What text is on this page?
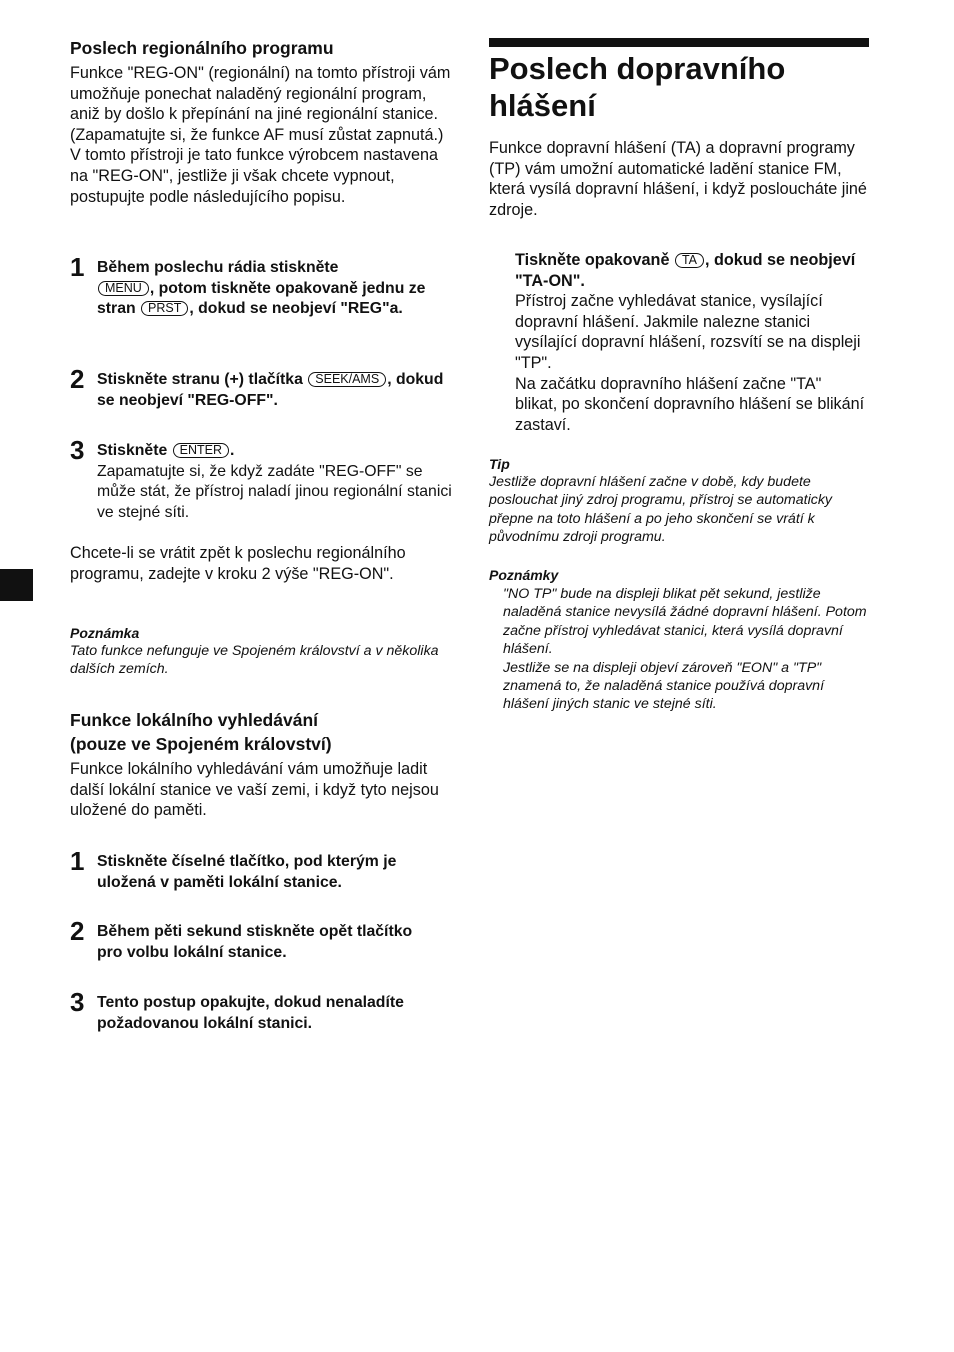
Poslech regionálního programu

Funkce "REG-ON" (regionální) na tomto přístroji vám umožňuje ponechat naladěný regionální program, aniž by došlo k přepínání na jiné regionální stanice. (Zapamatujte si, že funkce AF musí zůstat zapnutá.) V tomto přístroji je tato funkce výrobcem nastavena na "REG-ON", jestliže ji však chcete vypnout, postupujte podle následujícího popisu.

1 Během poslechu rádia stiskněte
MENU , potom tiskněte opakovaně jednu ze stran PRST , dokud se neobjeví "REG"a.
2 Stiskněte stranu (+) tlačítka SEEK/AMS , dokud se neobjeví "REG-OFF".
3 Stiskněte ENTER .
Zapamatujte si, že když zadáte "REG-OFF" se může stát, že přístroj naladí jinou regionální stanici ve stejné síti.

Chcete-li se vrátit zpět k poslechu regionálního programu, zadejte v kroku 2 výše "REG-ON".

Poznámka

Tato funkce nefunguje ve Spojeném království a v několika dalších zemích.

Funkce lokálního vyhledávání
(pouze ve Spojeném království)

Funkce lokálního vyhledávání vám umožňuje ladit další lokální stanice ve vaší zemi, i když tyto nejsou uložené do paměti.

1 Stiskněte číselné tlačítko, pod kterým je uložená v paměti lokální stanice.
2 Během pěti sekund stiskněte opět tlačítko pro volbu lokální stanice.
3 Tento postup opakujte, dokud nenaladíte požadovanou lokální stanici.
Poslech dopravního
hlášení

Funkce dopravní hlášení (TA) a dopravní programy (TP) vám umožní automatické ladění stanice FM, která vysílá dopravní hlášení, i když posloucháte jiné zdroje.

Tiskněte opakovaně TA , dokud se neobjeví "TA-ON".

Přístroj začne vyhledávat stanice, vysílající dopravní hlášení. Jakmile nalezne stanici vysílající dopravní hlášení, rozsvítí se na displeji "TP".

Na začátku dopravního hlášení začne "TA" blikat, po skončení dopravního hlášení se blikání zastaví.

Tip

Jestliže dopravní hlášení začne v době, kdy budete poslouchat jiný zdroj programu, přístroj se automaticky přepne na toto hlášení a po jeho skončení se vrátí k původnímu zdroji programu.

Poznámky

"NO TP" bude na displeji blikat pět sekund, jestliže naladěná stanice nevysílá žádné dopravní hlášení. Potom začne přístroj vyhledávat stanici, která vysílá dopravní hlášení.

Jestliže se na displeji objeví zároveň "EON" a "TP" znamená to, že naladěná stanice používá dopravní hlášení jiných stanic ve stejné síti.
